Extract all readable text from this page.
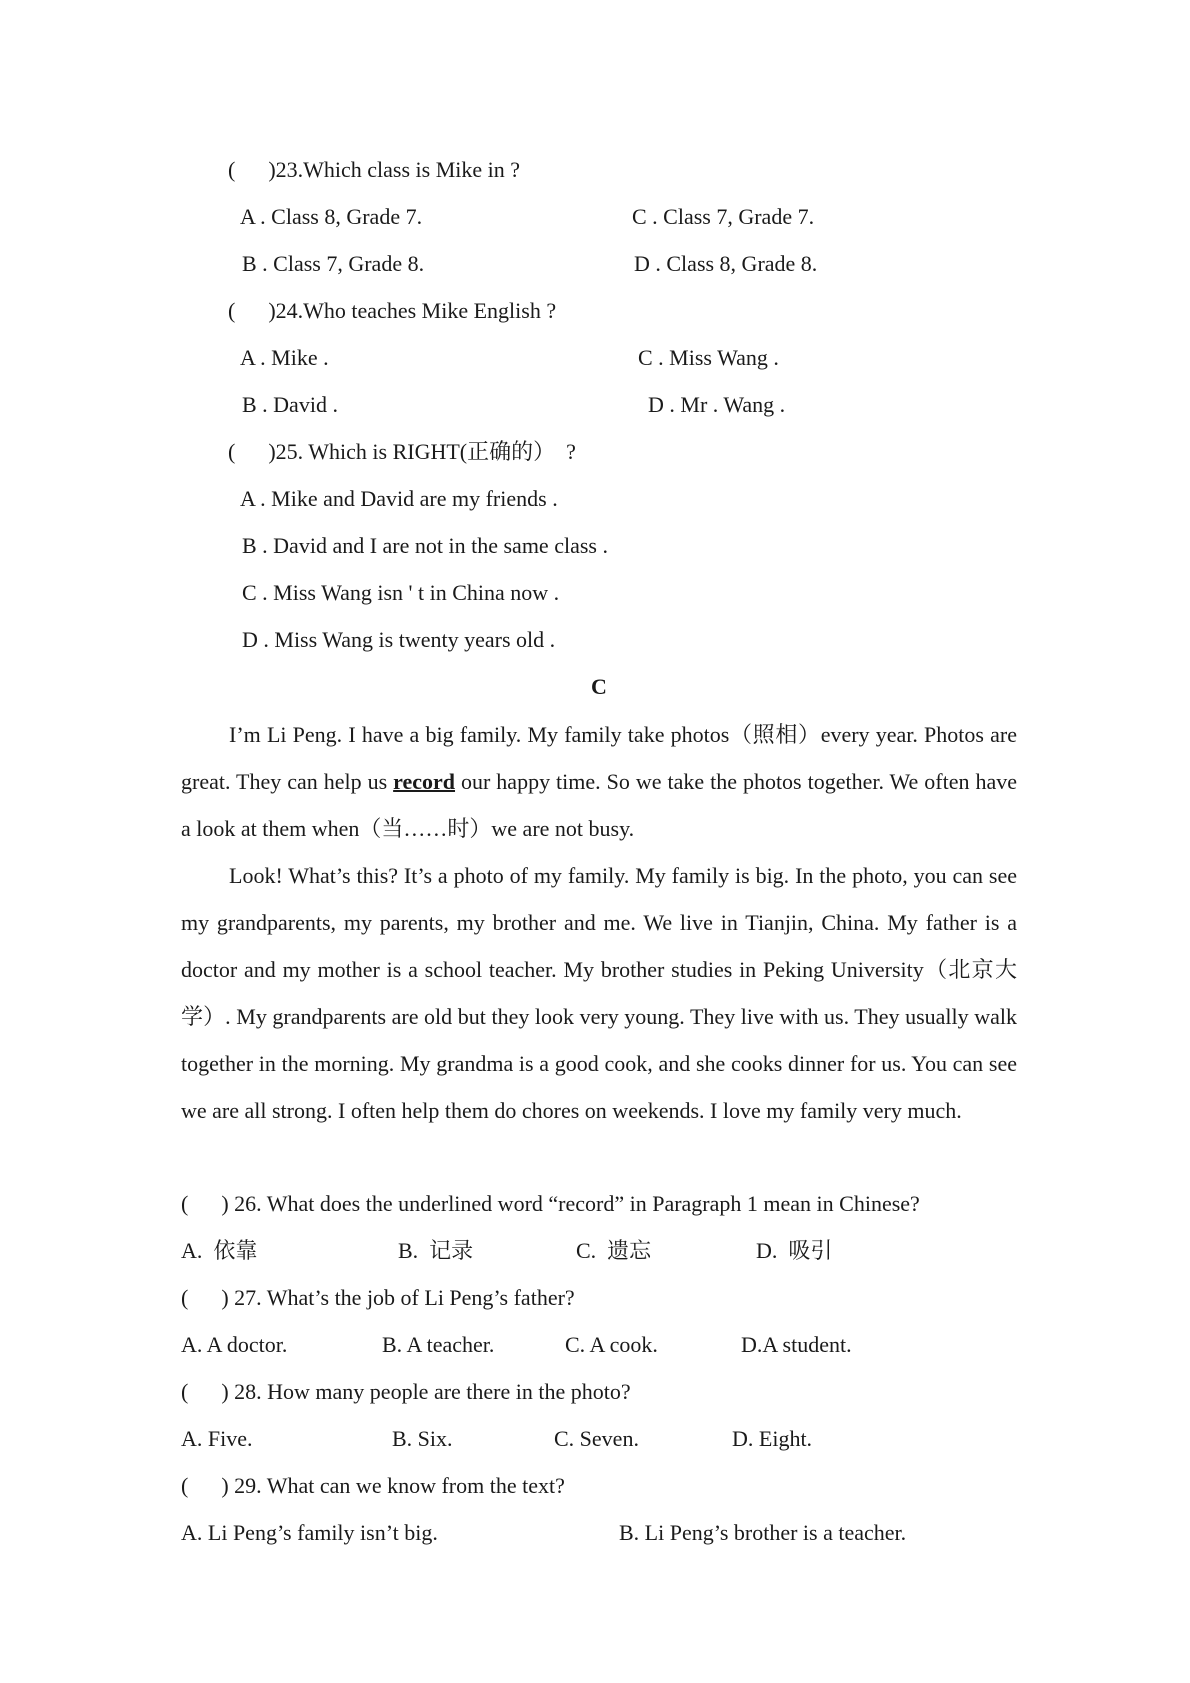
(      )23.Which class is Mike in ?
A . Class 8, Grade 7.	C . Class 7, Grade 7.
B . Class 7, Grade 8.	D . Class 8, Grade 8.
(      )24.Who teaches Mike English ?
A . Mike .	C . Miss Wang .
B . David .	D . Mr . Wang .
(      )25. Which is RIGHT(正确的）  ?
A . Mike and David are my friends .
B . David and I are not in the same class .
C . Miss Wang isn ' t in China now .
D . Miss Wang is twenty years old .
C
I’m Li Peng. I have a big family. My family take photos（照相）every year. Photos are great. They can help us record our happy time. So we take the photos together. We often have a look at them when（当……时）we are not busy.
Look! What’s this? It’s a photo of my family. My family is big. In the photo, you can see my grandparents, my parents, my brother and me. We live in Tianjin, China. My father is a doctor and my mother is a school teacher. My brother studies in Peking University（北京大学）. My grandparents are old but they look very young. They live with us. They usually walk together in the morning. My grandma is a good cook, and she cooks dinner for us. You can see we are all strong. I often help them do chores on weekends. I love my family very much.
(      ) 26. What does the underlined word “record” in Paragraph 1 mean in Chinese?
A.  依靠	B.  记录	C.  遗忘	D.  吸引
(      ) 27. What’s the job of Li Peng’s father?
A. A doctor.	B. A teacher.	C. A cook.	D.A student.
(      ) 28. How many people are there in the photo?
A. Five.	B. Six.	C. Seven.	D. Eight.
(      ) 29. What can we know from the text?
A. Li Peng’s family isn’t big.	B. Li Peng’s brother is a teacher.
